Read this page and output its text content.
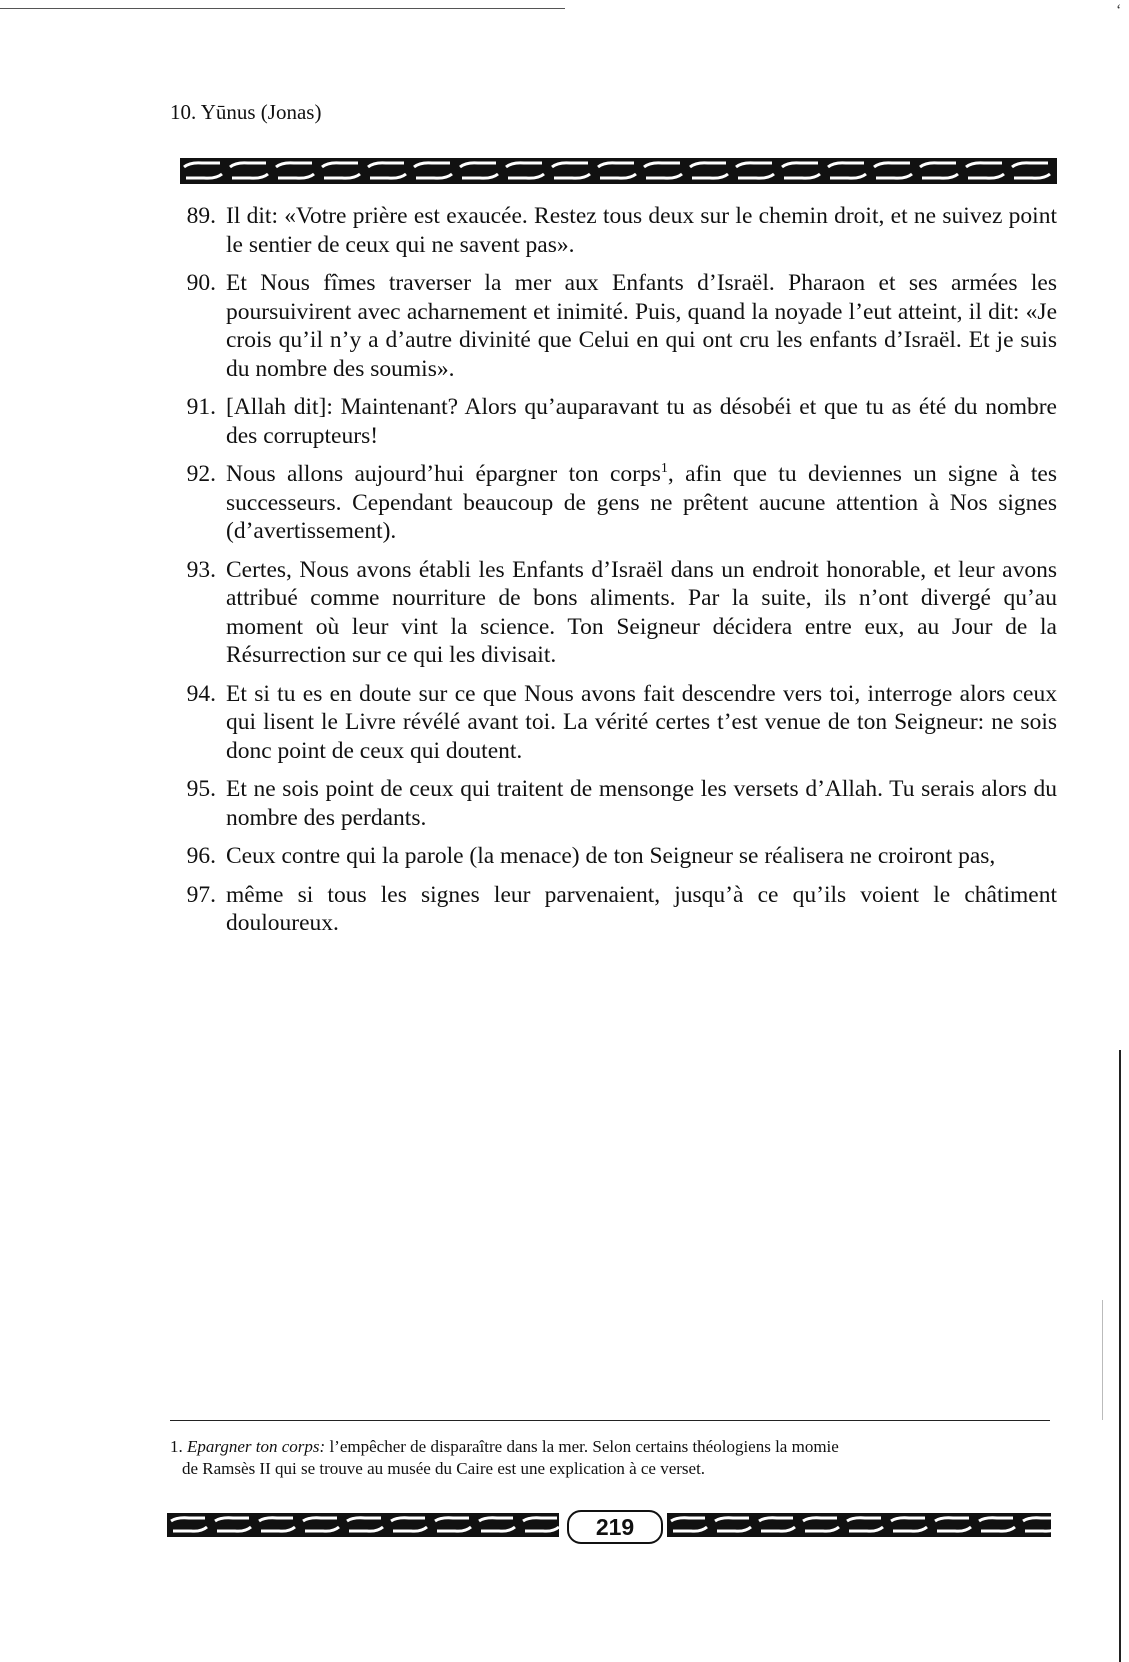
ʻ
10. Yūnus (Jonas)
89. Il dit: «Votre prière est exaucée. Restez tous deux sur le chemin droit, et ne suivez point le sentier de ceux qui ne savent pas».
90. Et Nous fîmes traverser la mer aux Enfants d’Israël. Pharaon et ses armées les poursuivirent avec acharnement et inimité. Puis, quand la noyade l’eut atteint, il dit: «Je crois qu’il n’y a d’autre divinité que Celui en qui ont cru les enfants d’Israël. Et je suis du nombre des soumis».
91. [Allah dit]: Maintenant? Alors qu’auparavant tu as désobéi et que tu as été du nombre des corrupteurs!
92. Nous allons aujourd’hui épargner ton corps$^1$, afin que tu deviennes un signe à tes successeurs. Cependant beaucoup de gens ne prêtent aucune attention à Nos signes (d’avertissement).
93. Certes, Nous avons établi les Enfants d’Israël dans un endroit honorable, et leur avons attribué comme nourriture de bons aliments. Par la suite, ils n’ont divergé qu’au moment où leur vint la science. Ton Seigneur décidera entre eux, au Jour de la Résurrection sur ce qui les divisait.
94. Et si tu es en doute sur ce que Nous avons fait descendre vers toi, interroge alors ceux qui lisent le Livre révélé avant toi. La vérité certes t’est venue de ton Seigneur: ne sois donc point de ceux qui doutent.
95. Et ne sois point de ceux qui traitent de mensonge les versets d’Allah. Tu serais alors du nombre des perdants.
96. Ceux contre qui la parole (la menace) de ton Seigneur se réalisera ne croiront pas,
97. même si tous les signes leur parvenaient, jusqu’à ce qu’ils voient le châtiment douloureux.
1. Epargner ton corps: l’empêcher de disparaître dans la mer. Selon certains théologiens la momie
de Ramsès II qui se trouve au musée du Caire est une explication à ce verset.
219
